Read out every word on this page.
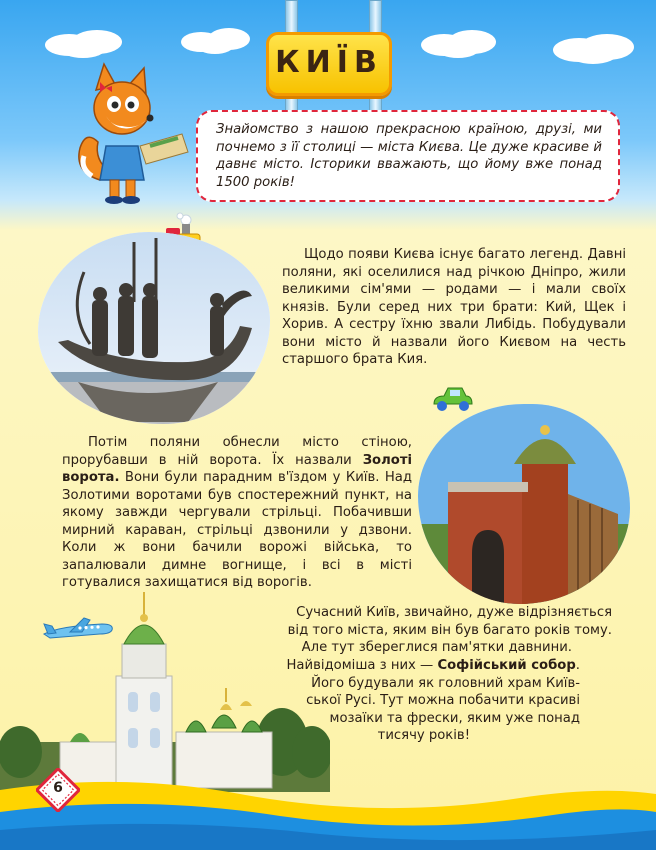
КИЇВ

Знайомство з нашою прекрасною країною, друзі, ми почнемо з її столиці — міста Києва. Це дуже красиве й давнє місто. Історики вважають, що йому вже понад 1500 років!

Щодо появи Києва існує багато легенд. Давні поляни, які оселилися над річкою Дніпро, жили великими сім'ями — родами — і мали своїх князів. Були серед них три брати: Кий, Щек і Хорив. А сестру їхню звали Либідь. Побудували вони місто й назвали його Києвом на честь старшого брата Кия.

Потім поляни обнесли місто стіною, прорубавши в ній ворота. Їх назвали Золоті ворота. Вони були парадним в'їздом у Київ. Над Золотими воротами був спостережний пункт, на якому завжди чергували стрільці. Побачивши мирний караван, стрільці дзвонили у дзвони. Коли ж вони бачили ворожі війська, то запалювали димне вогнище, і всі в місті готувалися захищатися від ворогів.

Сучасний Київ, звичайно, дуже відрізняється

від того міста, яким він був багато років тому.

Але тут збереглися пам'ятки давнини.

Найвідоміша з них — Софійський собор.

Його будували як головний храм Київ-

ської Русі. Тут можна побачити красиві

мозаїки та фрески, яким уже понад

тисячу років!

6
